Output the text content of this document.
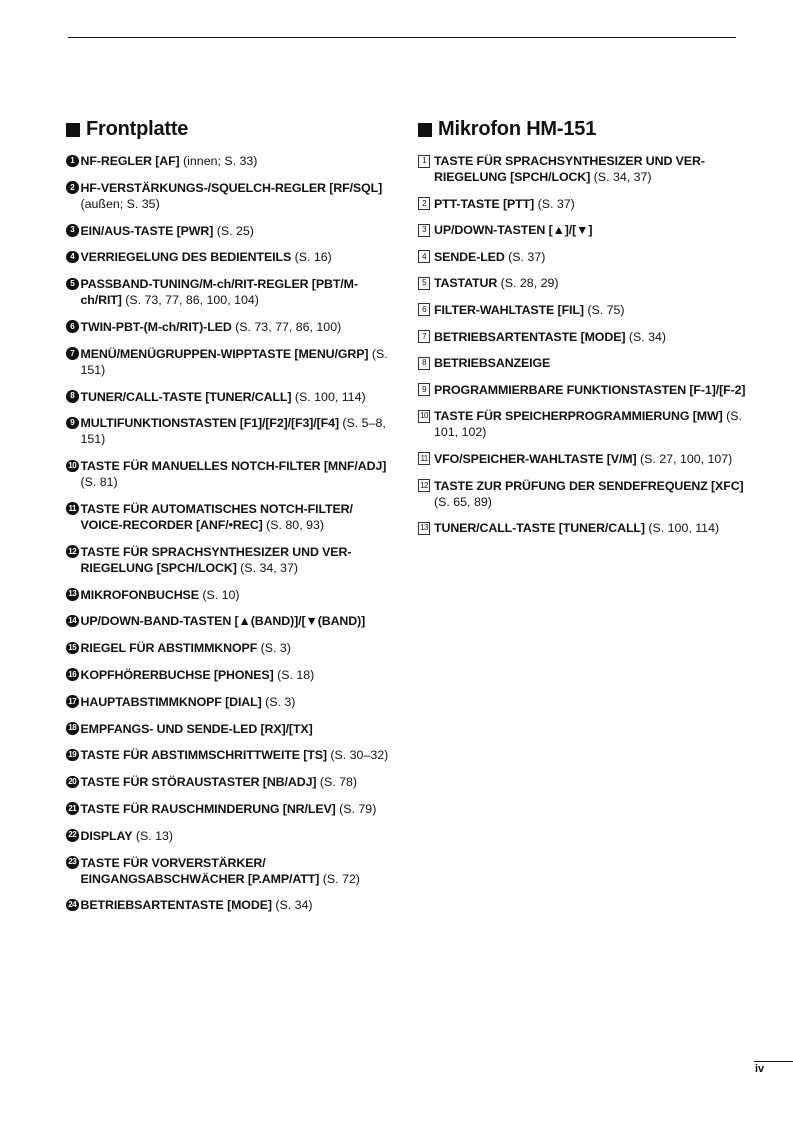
Frontplatte
1 NF-REGLER [AF] (innen; S. 33)
2 HF-VERSTÄRKUNGS-/SQUELCH-REGLER [RF/SQL] (außen; S. 35)
3 EIN/AUS-TASTE [PWR] (S. 25)
4 VERRIEGELUNG DES BEDIENTEILS (S. 16)
5 PASSBAND-TUNING/M-ch/RIT-REGLER [PBT/M-ch/RIT] (S. 73, 77, 86, 100, 104)
6 TWIN-PBT-(M-ch/RIT)-LED (S. 73, 77, 86, 100)
7 MENÜ/MENÜGRUPPEN-WIPPTASTE [MENU/GRP] (S. 151)
8 TUNER/CALL-TASTE [TUNER/CALL] (S. 100, 114)
9 MULTIFUNKTIONSTASTEN [F1]/[F2]/[F3]/[F4] (S. 5–8, 151)
10 TASTE FÜR MANUELLES NOTCH-FILTER [MNF/ADJ] (S. 81)
11 TASTE FÜR AUTOMATISCHES NOTCH-FILTER/ VOICE-RECORDER [ANF/•REC] (S. 80, 93)
12 TASTE FÜR SPRACHSYNTHESIZER UND VER-RIEGELUNG [SPCH/LOCK] (S. 34, 37)
13 MIKROFONBUCHSE (S. 10)
14 UP/DOWN-BAND-TASTEN [▲(BAND)]/[▼(BAND)]
15 RIEGEL FÜR ABSTIMMKNOPF (S. 3)
16 KOPFHÖRERBUCHSE [PHONES] (S. 18)
17 HAUPTABSTIMMKNOPF [DIAL] (S. 3)
18 EMPFANGS- UND SENDE-LED [RX]/[TX]
19 TASTE FÜR ABSTIMMSCHRITTWEITE [TS] (S. 30–32)
20 TASTE FÜR STÖRAUSTASTER [NB/ADJ] (S. 78)
21 TASTE FÜR RAUSCHMINDERUNG [NR/LEV] (S. 79)
22 DISPLAY (S. 13)
23 TASTE FÜR VORVERSTÄRKER/ EINGANGSABSCHWÄCHER [P.AMP/ATT] (S. 72)
24 BETRIEBSARTENTASTE [MODE] (S. 34)
Mikrofon HM-151
1 TASTE FÜR SPRACHSYNTHESIZER UND VER-RIEGELUNG [SPCH/LOCK] (S. 34, 37)
2 PTT-TASTE [PTT] (S. 37)
3 UP/DOWN-TASTEN [▲]/[▼]
4 SENDE-LED (S. 37)
5 TASTATUR (S. 28, 29)
6 FILTER-WAHLTASTE [FIL] (S. 75)
7 BETRIEBSARTENTASTE [MODE] (S. 34)
8 BETRIEBSANZEIGE
9 PROGRAMMIERBARE FUNKTIONSTASTEN [F-1]/[F-2]
10 TASTE FÜR SPEICHERPROGRAMMIERUNG [MW] (S. 101, 102)
11 VFO/SPEICHER-WAHLTASTE [V/M] (S. 27, 100, 107)
12 TASTE ZUR PRÜFUNG DER SENDEFREQUENZ [XFC] (S. 65, 89)
13 TUNER/CALL-TASTE [TUNER/CALL] (S. 100, 114)
iv
